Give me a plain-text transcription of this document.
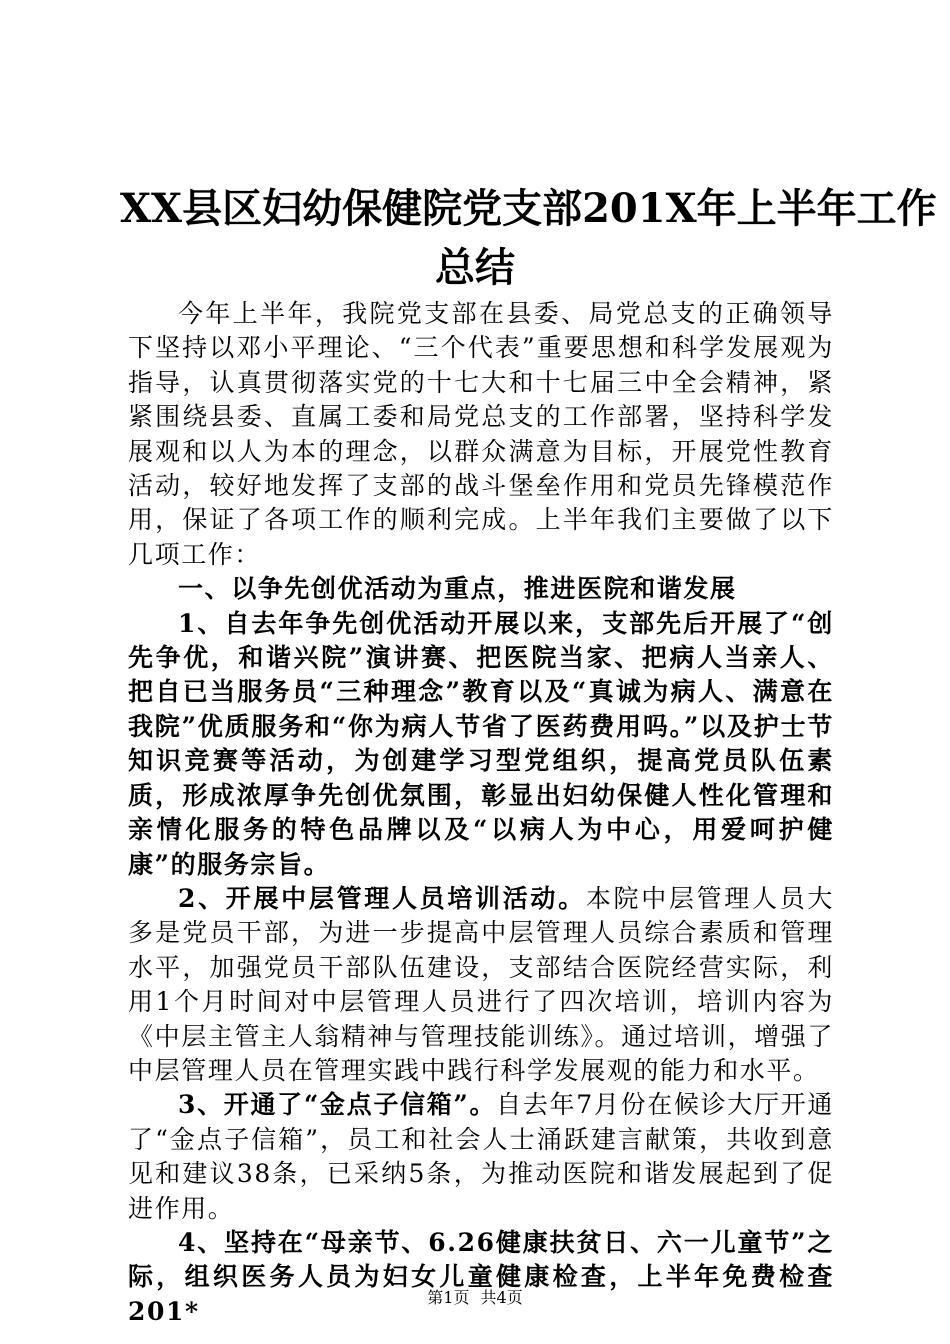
XX县区妇幼保健院党支部201X年上半年工作
总结

今年上半年，我院党支部在县委、局党总支的正确领导下坚持以邓小平理论、“三个代表”重要思想和科学发展观为指导，认真贯彻落实党的十七大和十七届三中全会精神，紧紧围绕县委、直属工委和局党总支的工作部署，坚持科学发展观和以人为本的理念，以群众满意为目标，开展党性教育活动，较好地发挥了支部的战斗堡垒作用和党员先锋模范作用，保证了各项工作的顺利完成。上半年我们主要做了以下几项工作：

一、以争先创优活动为重点，推进医院和谐发展

1、自去年争先创优活动开展以来，支部先后开展了“创先争优，和谐兴院”演讲赛、把医院当家、把病人当亲人、把自已当服务员“三种理念”教育以及“真诚为病人、满意在我院”优质服务和“你为病人节省了医药费用吗。”以及护士节知识竞赛等活动，为创建学习型党组织，提高党员队伍素质，形成浓厚争先创优氛围，彰显出妇幼保健人性化管理和亲情化服务的特色品牌以及“以病人为中心，用爱呵护健康”的服务宗旨。

2、开展中层管理人员培训活动。本院中层管理人员大多是党员干部，为进一步提高中层管理人员综合素质和管理水平，加强党员干部队伍建设，支部结合医院经营实际，利用1个月时间对中层管理人员进行了四次培训，培训内容为《中层主管主人翁精神与管理技能训练》。通过培训，增强了中层管理人员在管理实践中践行科学发展观的能力和水平。

3、开通了“金点子信箱”。自去年7月份在候诊大厅开通了“金点子信箱”，员工和社会人士涌跃建言献策，共收到意见和建议38条，已采纳5条，为推动医院和谐发展起到了促进作用。

4、坚持在“母亲节、6.26健康扶贫日、六一儿童节”之际，组织医务人员为妇女儿童健康检查，上半年免费检查201*	第1页 共4页
